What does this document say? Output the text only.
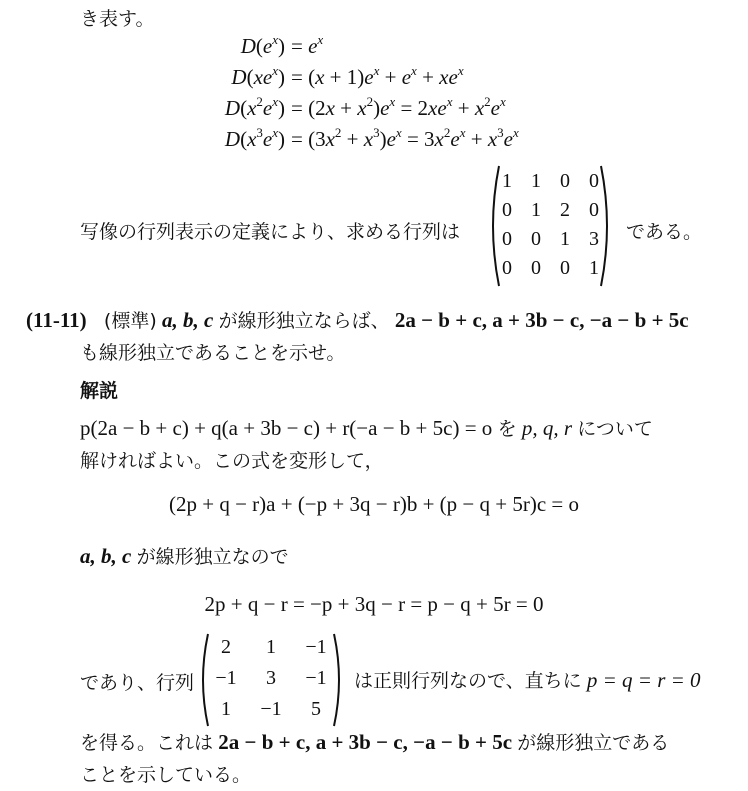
き表す。
$D(e^x) = e^x$
$D(xe^x) = (x + 1)e^x + e^x + xe^x$
$D(x^2e^x) = (2x + x^2)e^x = 2xe^x + x^2e^x$
$D(x^3e^x) = (3x^2 + x^3)e^x = 3x^2e^x + x^3e^x$
写像の行列表示の定義により、求める行列は
1 1 0 0
0 1 2 0
0 0 1 3
0 0 0 1
である。
(11-11) (標準) a, b, c が線形独立ならば、 2a − b + c, a + 3b − c, −a − b + 5c
も線形独立であることを示せ。
解説
p(2a − b + c) + q(a + 3b − c) + r(−a − b + 5c) = o を p, q, r について
解ければよい。この式を変形して，
(2p + q − r)a + (−p + 3q − r)b + (p − q + 5r)c = o
a, b, c が線形独立なので
2p + q − r = −p + 3q − r = p − q + 5r = 0
であり、行列
2	1	−1
−1	3	−1
1	−1	5
は正則行列なので、直ちに p = q = r = 0
を得る。これは 2a − b + c, a + 3b − c, −a − b + 5c が線形独立である
ことを示している。
